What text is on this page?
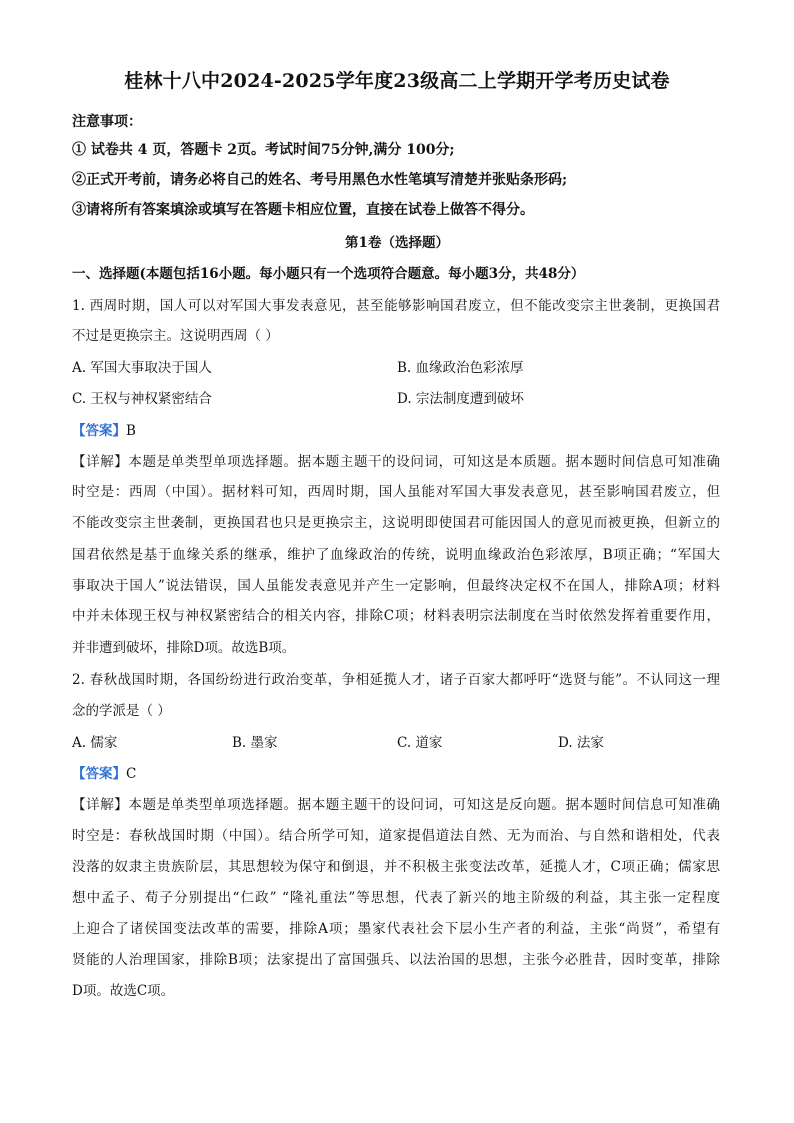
桂林十八中2024-2025学年度23级高二上学期开学考历史试卷
注意事项：
① 试卷共 4 页，答题卡 2页。考试时间75分钟,满分 100分;
②正式开考前，请务必将自己的姓名、考号用黑色水性笔填写清楚并张贴条形码;
③请将所有答案填涂或填写在答题卡相应位置，直接在试卷上做答不得分。
第1卷（选择题）
一、选择题(本题包括16小题。每小题只有一个选项符合题意。每小题3分，共48分）
1. 西周时期，国人可以对军国大事发表意见，甚至能够影响国君废立，但不能改变宗主世袭制，更换国君
不过是更换宗主。这说明西周（ ）
A. 军国大事取决于国人	B. 血缘政治色彩浓厚
C. 王权与神权紧密结合	D. 宗法制度遭到破坏
【答案】B
【详解】本题是单类型单项选择题。据本题主题干的设问词，可知这是本质题。据本题时间信息可知准确
时空是：西周（中国）。据材料可知，西周时期，国人虽能对军国大事发表意见，甚至影响国君废立，但
不能改变宗主世袭制，更换国君也只是更换宗主，这说明即使国君可能因国人的意见而被更换，但新立的
国君依然是基于血缘关系的继承，维护了血缘政治的传统，说明血缘政治色彩浓厚，B项正确；“军国大
事取决于国人”说法错误，国人虽能发表意见并产生一定影响，但最终决定权不在国人，排除A项；材料
中并未体现王权与神权紧密结合的相关内容，排除C项；材料表明宗法制度在当时依然发挥着重要作用，
并非遭到破坏，排除D项。故选B项。
2. 春秋战国时期，各国纷纷进行政治变革，争相延揽人才，诸子百家大都呼吁“选贤与能”。不认同这一理
念的学派是（ ）
A. 儒家	B. 墨家	C. 道家	D. 法家
【答案】C
【详解】本题是单类型单项选择题。据本题主题干的设问词，可知这是反向题。据本题时间信息可知准确
时空是：春秋战国时期（中国）。结合所学可知，道家提倡道法自然、无为而治、与自然和谐相处，代表
没落的奴隶主贵族阶层，其思想较为保守和倒退，并不积极主张变法改革，延揽人才，C项正确；儒家思
想中孟子、荀子分别提出“仁政” “隆礼重法”等思想，代表了新兴的地主阶级的利益，其主张一定程度
上迎合了诸侯国变法改革的需要，排除A项；墨家代表社会下层小生产者的利益，主张“尚贤”，希望有
贤能的人治理国家，排除B项；法家提出了富国强兵、以法治国的思想，主张今必胜昔，因时变革，排除
D项。故选C项。
